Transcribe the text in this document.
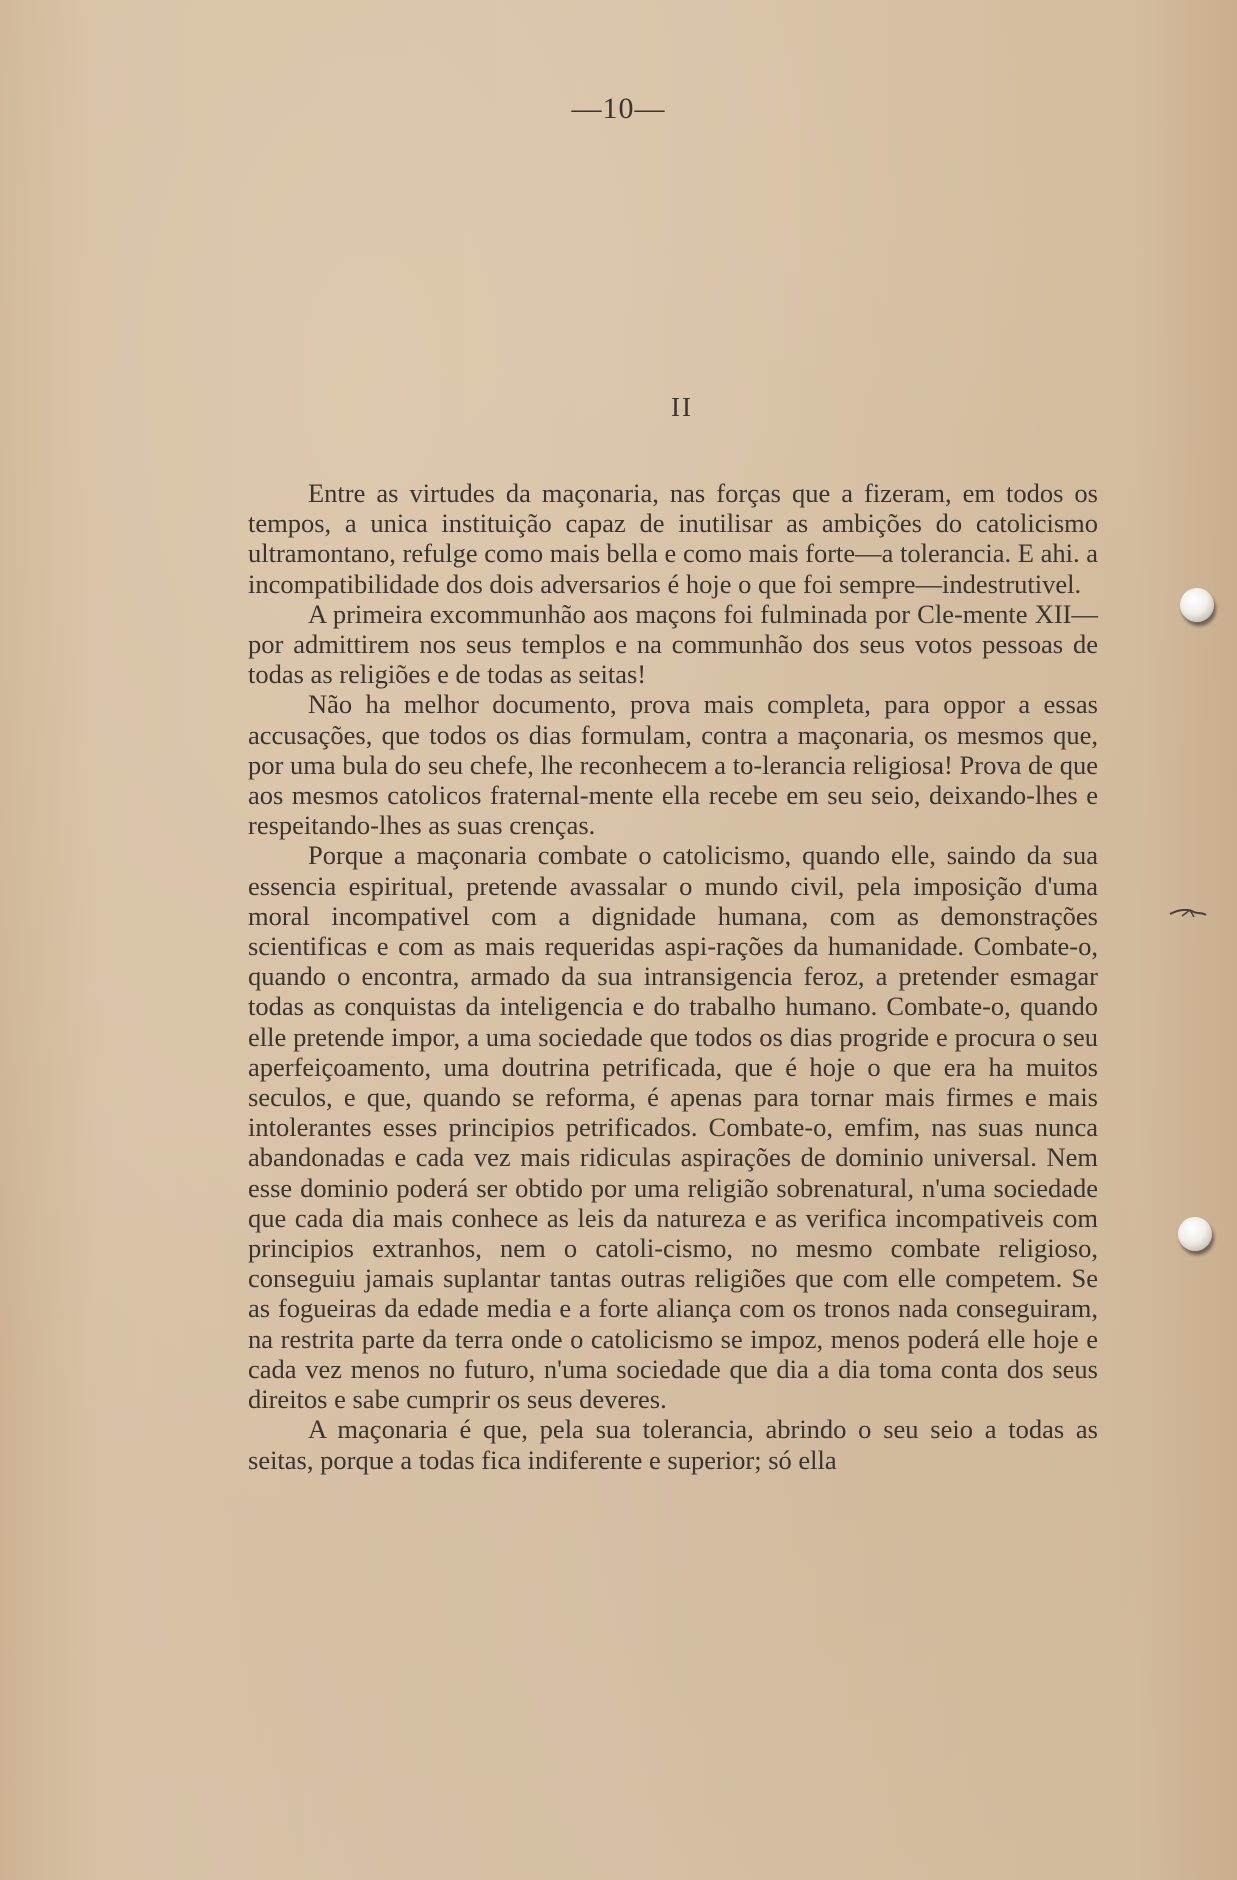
—10—
II

Entre as virtudes da maçonaria, nas forças que a fizeram, em todos os tempos, a unica instituição capaz de inutilisar as ambições do catolicismo ultramontano, refulge como mais bella e como mais forte—a tolerancia. E ahi. a incompatibilidade dos dois adversarios é hoje o que foi sempre—indestrutivel.

A primeira excommunhão aos maçons foi fulminada por Cle-mente XII—por admittirem nos seus templos e na communhão dos seus votos pessoas de todas as religiões e de todas as seitas!

Não ha melhor documento, prova mais completa, para oppor a essas accusações, que todos os dias formulam, contra a maçonaria, os mesmos que, por uma bula do seu chefe, lhe reconhecem a to-lerancia religiosa! Prova de que aos mesmos catolicos fraternal-mente ella recebe em seu seio, deixando-lhes e respeitando-lhes as suas crenças.

Porque a maçonaria combate o catolicismo, quando elle, saindo da sua essencia espiritual, pretende avassalar o mundo civil, pela imposição d'uma moral incompativel com a dignidade humana, com as demonstrações scientificas e com as mais requeridas aspi-rações da humanidade. Combate-o, quando o encontra, armado da sua intransigencia feroz, a pretender esmagar todas as conquistas da inteligencia e do trabalho humano. Combate-o, quando elle pretende impor, a uma sociedade que todos os dias progride e procura o seu aperfeiçoamento, uma doutrina petrificada, que é hoje o que era ha muitos seculos, e que, quando se reforma, é apenas para tornar mais firmes e mais intolerantes esses principios petrificados. Combate-o, emfim, nas suas nunca abandonadas e cada vez mais ridiculas aspirações de dominio universal. Nem esse dominio poderá ser obtido por uma religião sobrenatural, n'uma sociedade que cada dia mais conhece as leis da natureza e as verifica incompativeis com principios extranhos, nem o catoli-cismo, no mesmo combate religioso, conseguiu jamais suplantar tantas outras religiões que com elle competem. Se as fogueiras da edade media e a forte aliança com os tronos nada conseguiram, na restrita parte da terra onde o catolicismo se impoz, menos poderá elle hoje e cada vez menos no futuro, n'uma sociedade que dia a dia toma conta dos seus direitos e sabe cumprir os seus deveres.

A maçonaria é que, pela sua tolerancia, abrindo o seu seio a todas as seitas, porque a todas fica indiferente e superior; só ella
